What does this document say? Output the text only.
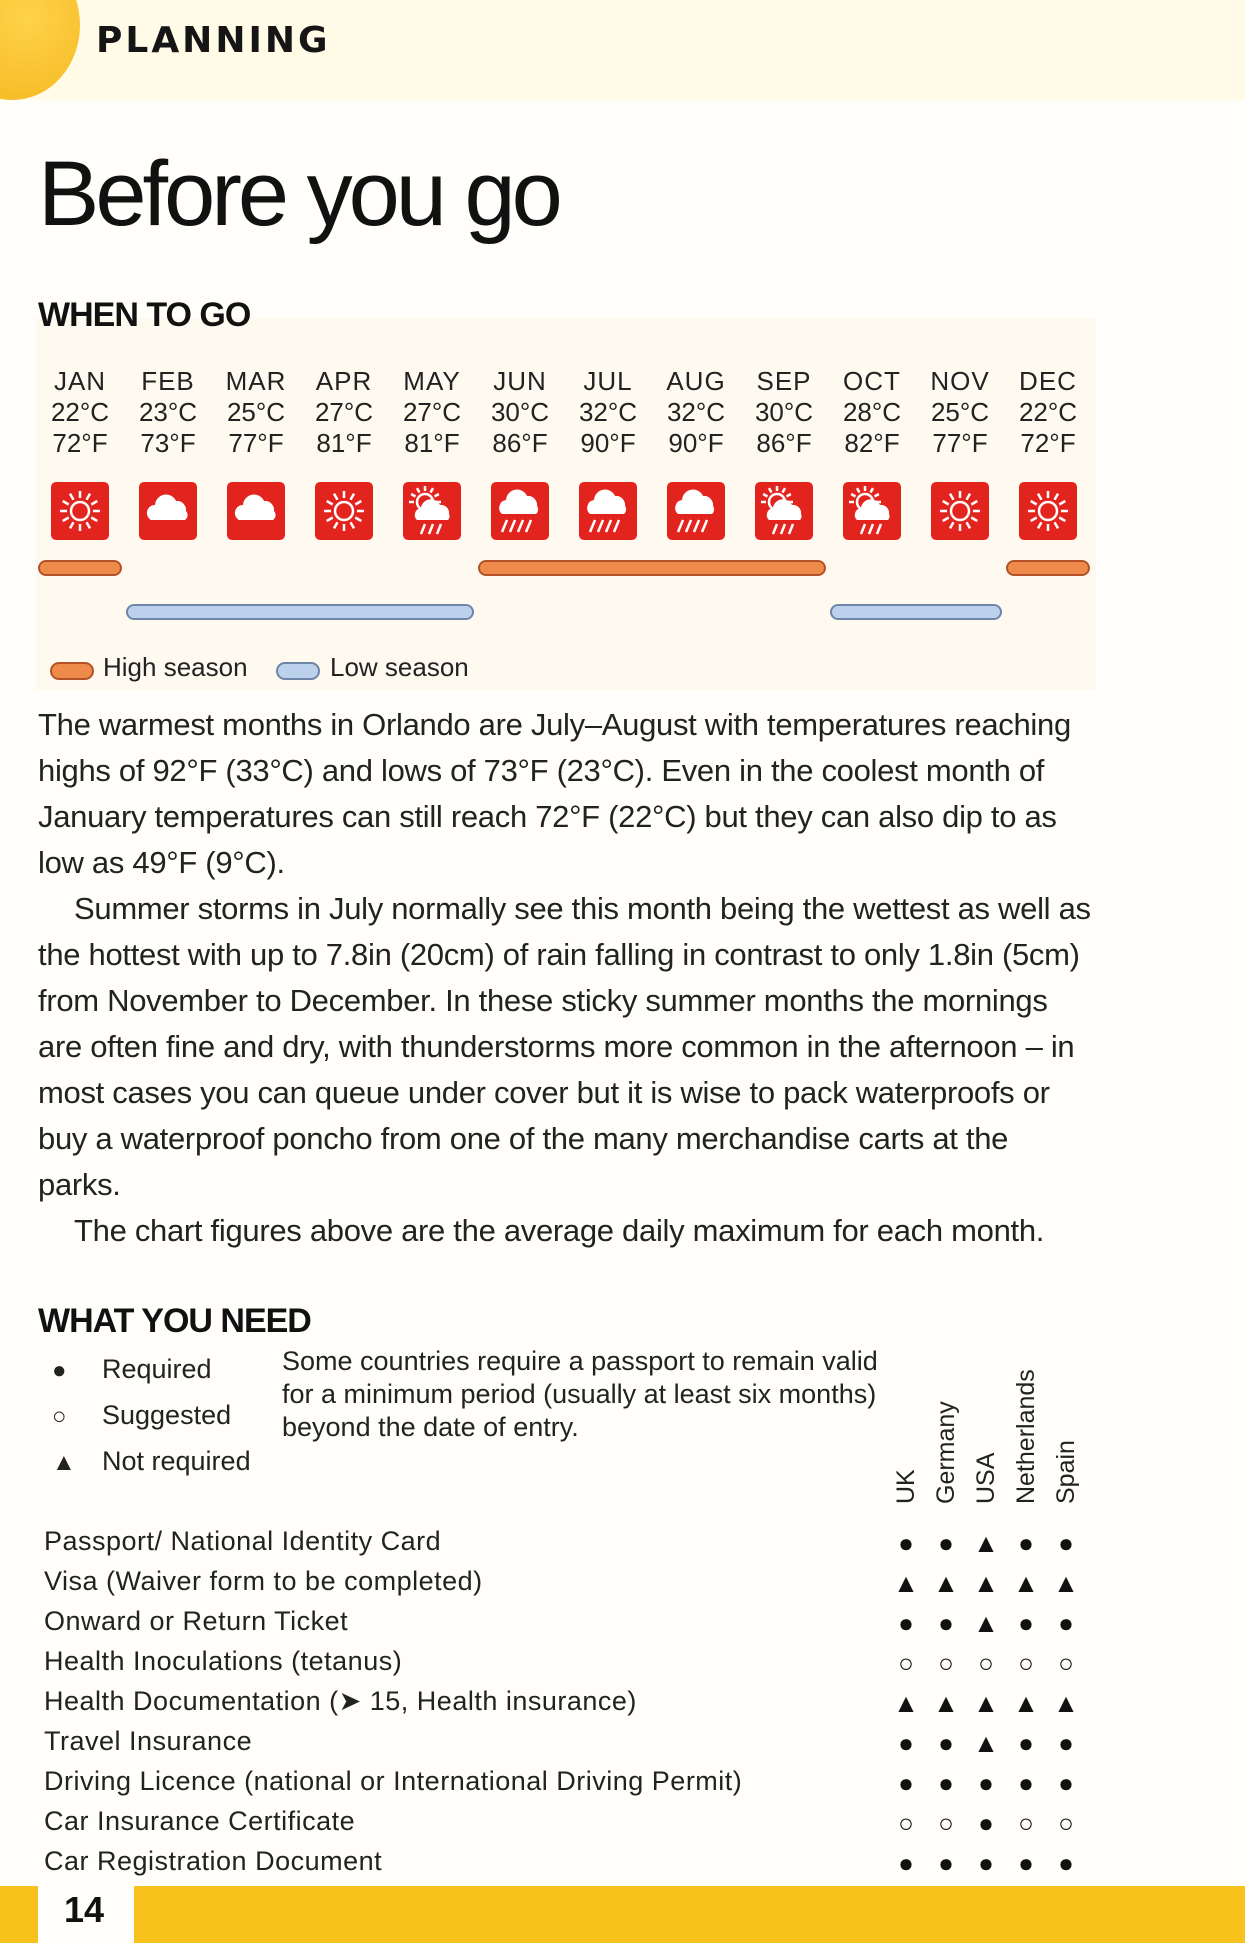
PLANNING
Before you go
WHEN TO GO
JAN
22°C
72°F
FEB
23°C
73°F
MAR
25°C
77°F
APR
27°C
81°F
MAY
27°C
81°F
JUN
30°C
86°F
JUL
32°C
90°F
AUG
32°C
90°F
SEP
30°C
86°F
OCT
28°C
82°F
NOV
25°C
77°F
DEC
22°C
72°F
High season	Low season

The warmest months in Orlando are July–August with temperatures reaching highs of 92°F (33°C) and lows of 73°F (23°C). Even in the coolest month of January temperatures can still reach 72°F (22°C) but they can also dip to as low as 49°F (9°C).

Summer storms in July normally see this month being the wettest as well as the hottest with up to 7.8in (20cm) of rain falling in contrast to only 1.8in (5cm) from November to December. In these sticky summer months the mornings are often fine and dry, with thunderstorms more common in the afternoon – in most cases you can queue under cover but it is wise to pack waterproofs or buy a waterproof poncho from one of the many merchandise carts at the parks.

The chart figures above are the average daily maximum for each month.

WHAT YOU NEED
● Required
○ Suggested
▲ Not required
Some countries require a passport to remain valid for a minimum period (usually at least six months) beyond the date of entry.
UK Germany USA Netherlands Spain
Passport/ National Identity Card	● ● ▲ ● ●
Visa (Waiver form to be completed)	▲ ▲ ▲ ▲ ▲
Onward or Return Ticket	● ● ▲ ● ●
Health Inoculations (tetanus)	○ ○ ○ ○ ○
Health Documentation (➤ 15, Health insurance)	▲ ▲ ▲ ▲ ▲
Travel Insurance	● ● ▲ ● ●
Driving Licence (national or International Driving Permit)	● ● ● ● ●
Car Insurance Certificate	○ ○ ● ○ ○
Car Registration Document	● ● ● ● ●
14
